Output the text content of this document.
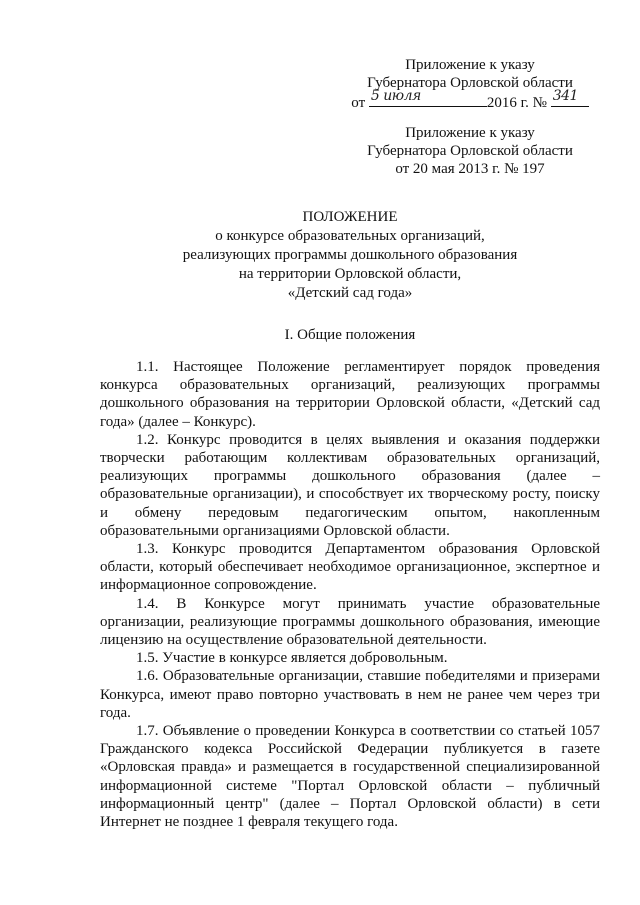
Приложение к указу
Губернатора Орловской области
от 5 июля	2016 г. № 341
Приложение к указу
Губернатора Орловской области
от 20 мая 2013 г. № 197
ПОЛОЖЕНИЕ
о конкурсе образовательных организаций,
реализующих программы дошкольного образования
на территории Орловской области,
«Детский сад года»
I. Общие положения

1.1. Настоящее Положение регламентирует порядок проведения конкурса образовательных организаций, реализующих программы дошкольного образования на территории Орловской области, «Детский сад года» (далее – Конкурс).

1.2. Конкурс проводится в целях выявления и оказания поддержки творчески работающим коллективам образовательных организаций, реализующих программы дошкольного образования (далее – образовательные организации), и способствует их творческому росту, поиску и обмену передовым педагогическим опытом, накопленным образовательными организациями Орловской области.

1.3. Конкурс проводится Департаментом образования Орловской области, который обеспечивает необходимое организационное, экспертное и информационное сопровождение.

1.4. В Конкурсе могут принимать участие образовательные организации, реализующие программы дошкольного образования, имеющие лицензию на осуществление образовательной деятельности.

1.5. Участие в конкурсе является добровольным.

1.6. Образовательные организации, ставшие победителями и призерами Конкурса, имеют право повторно участвовать в нем не ранее чем через три года.

1.7. Объявление о проведении Конкурса в соответствии со статьей 1057 Гражданского кодекса Российской Федерации публикуется в газете «Орловская правда» и размещается в государственной специализированной информационной системе "Портал Орловской области – публичный информационный центр" (далее – Портал Орловской области) в сети Интернет не позднее 1 февраля текущего года.
